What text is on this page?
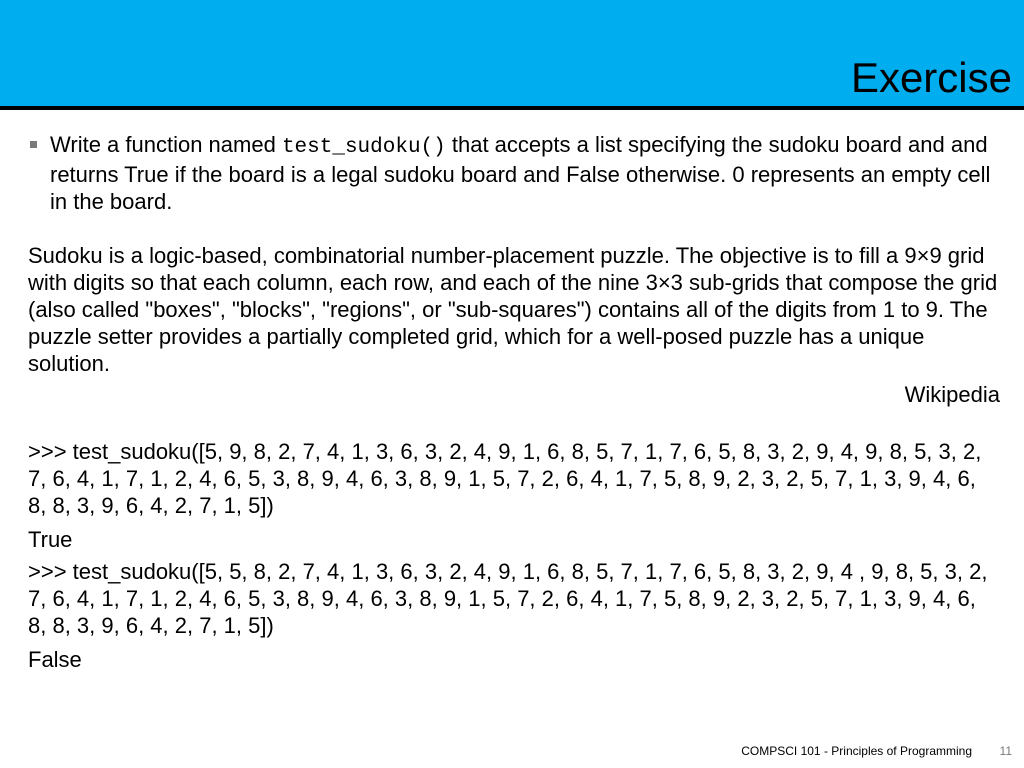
Exercise
Write a function named test_sudoku() that accepts a list specifying the sudoku board and and returns True if the board is a legal sudoku board and False otherwise. 0 represents an empty cell in the board.
Sudoku is a logic-based, combinatorial number-placement puzzle. The objective is to fill a 9×9 grid with digits so that each column, each row, and each of the nine 3×3 sub-grids that compose the grid (also called "boxes", "blocks", "regions", or "sub-squares") contains all of the digits from 1 to 9. The puzzle setter provides a partially completed grid, which for a well-posed puzzle has a unique solution.
Wikipedia
>>> test_sudoku([5, 9, 8, 2, 7, 4, 1, 3, 6, 3, 2, 4, 9, 1, 6, 8, 5, 7, 1, 7, 6, 5, 8, 3, 2, 9, 4, 9, 8, 5, 3, 2, 7, 6, 4, 1, 7, 1, 2, 4, 6, 5, 3, 8, 9, 4, 6, 3, 8, 9, 1, 5, 7, 2, 6, 4, 1, 7, 5, 8, 9, 2, 3, 2, 5, 7, 1, 3, 9, 4, 6, 8, 8, 3, 9, 6, 4, 2, 7, 1, 5])
True
>>> test_sudoku([5, 5, 8, 2, 7, 4, 1, 3, 6, 3, 2, 4, 9, 1, 6, 8, 5, 7, 1, 7, 6, 5, 8, 3, 2, 9, 4 , 9, 8, 5, 3, 2, 7, 6, 4, 1, 7, 1, 2, 4, 6, 5, 3, 8, 9, 4, 6, 3, 8, 9, 1, 5, 7, 2, 6, 4, 1, 7, 5, 8, 9, 2, 3, 2, 5, 7, 1, 3, 9, 4, 6, 8, 8, 3, 9, 6, 4, 2, 7, 1, 5])
False
COMPSCI 101 - Principles of Programming 11
